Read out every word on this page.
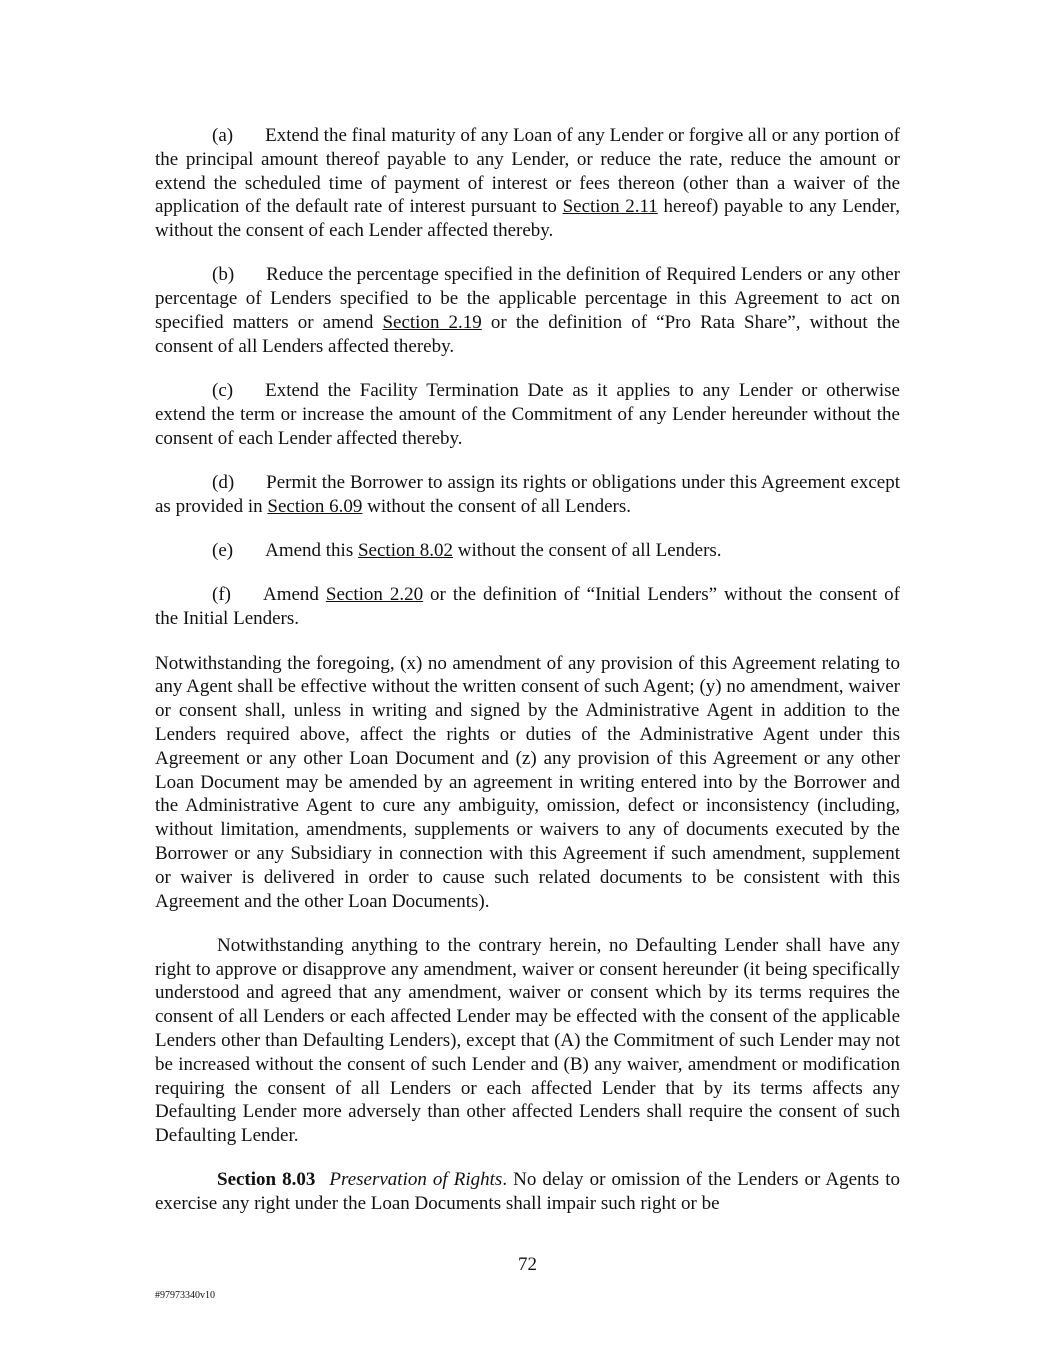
(a) Extend the final maturity of any Loan of any Lender or forgive all or any portion of the principal amount thereof payable to any Lender, or reduce the rate, reduce the amount or extend the scheduled time of payment of interest or fees thereon (other than a waiver of the application of the default rate of interest pursuant to Section 2.11 hereof) payable to any Lender, without the consent of each Lender affected thereby.

(b) Reduce the percentage specified in the definition of Required Lenders or any other percentage of Lenders specified to be the applicable percentage in this Agreement to act on specified matters or amend Section 2.19 or the definition of “Pro Rata Share”, without the consent of all Lenders affected thereby.

(c) Extend the Facility Termination Date as it applies to any Lender or otherwise extend the term or increase the amount of the Commitment of any Lender hereunder without the consent of each Lender affected thereby.

(d) Permit the Borrower to assign its rights or obligations under this Agreement except as provided in Section 6.09 without the consent of all Lenders.

(e) Amend this Section 8.02 without the consent of all Lenders.

(f) Amend Section 2.20 or the definition of “Initial Lenders” without the consent of the Initial Lenders.

Notwithstanding the foregoing, (x) no amendment of any provision of this Agreement relating to any Agent shall be effective without the written consent of such Agent; (y) no amendment, waiver or consent shall, unless in writing and signed by the Administrative Agent in addition to the Lenders required above, affect the rights or duties of the Administrative Agent under this Agreement or any other Loan Document and (z) any provision of this Agreement or any other Loan Document may be amended by an agreement in writing entered into by the Borrower and the Administrative Agent to cure any ambiguity, omission, defect or inconsistency (including, without limitation, amendments, supplements or waivers to any of documents executed by the Borrower or any Subsidiary in connection with this Agreement if such amendment, supplement or waiver is delivered in order to cause such related documents to be consistent with this Agreement and the other Loan Documents).

Notwithstanding anything to the contrary herein, no Defaulting Lender shall have any right to approve or disapprove any amendment, waiver or consent hereunder (it being specifically understood and agreed that any amendment, waiver or consent which by its terms requires the consent of all Lenders or each affected Lender may be effected with the consent of the applicable Lenders other than Defaulting Lenders), except that (A) the Commitment of such Lender may not be increased without the consent of such Lender and (B) any waiver, amendment or modification requiring the consent of all Lenders or each affected Lender that by its terms affects any Defaulting Lender more adversely than other affected Lenders shall require the consent of such Defaulting Lender.

Section 8.03 Preservation of Rights. No delay or omission of the Lenders or Agents to exercise any right under the Loan Documents shall impair such right or be

72
#97973340v10
